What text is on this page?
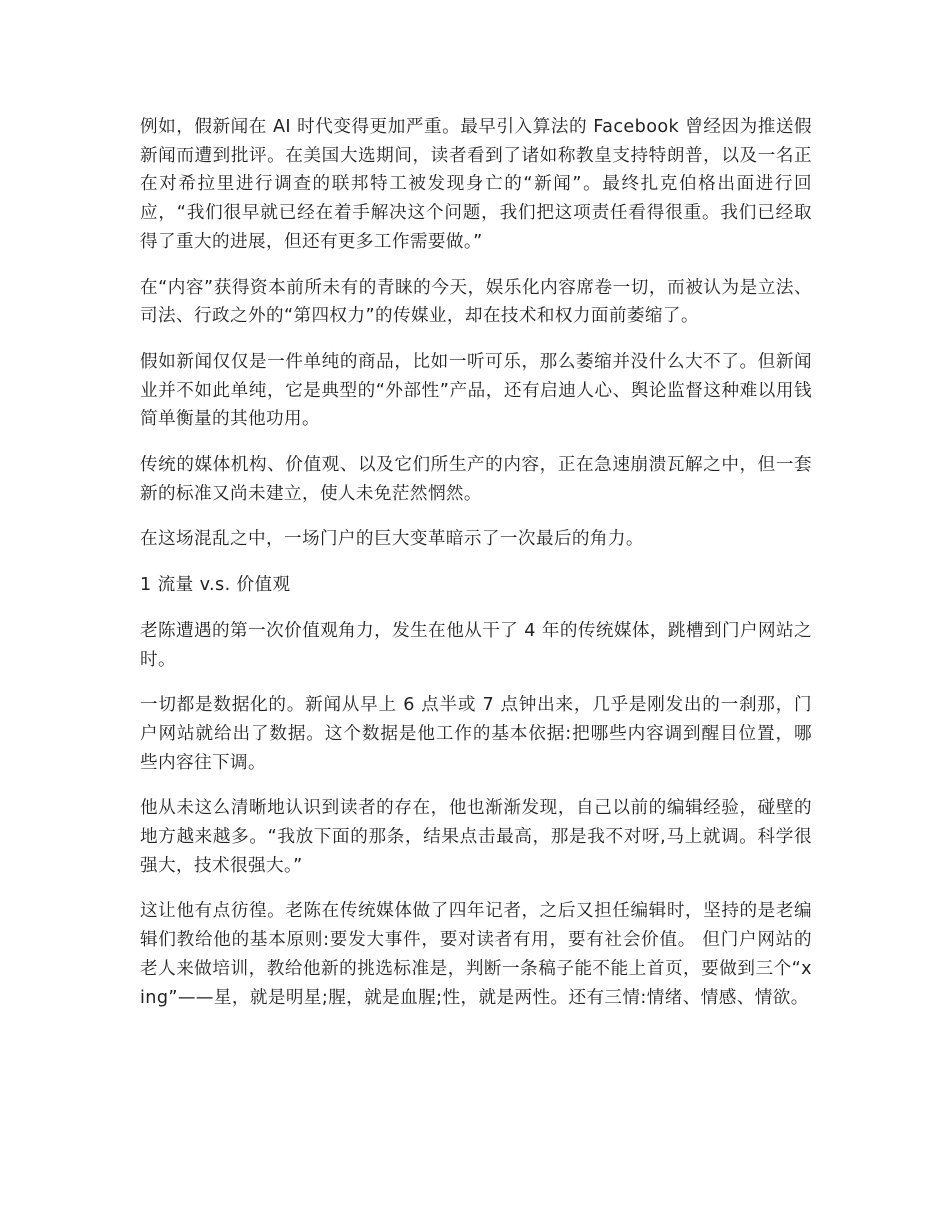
例如，假新闻在 AI 时代变得更加严重。最早引入算法的 Facebook 曾经因为推送假新闻而遭到批评。在美国大选期间，读者看到了诸如称教皇支持特朗普，以及一名正在对希拉里进行调查的联邦特工被发现身亡的“新闻”。最终扎克伯格出面进行回应，“我们很早就已经在着手解决这个问题，我们把这项责任看得很重。我们已经取得了重大的进展，但还有更多工作需要做。”

在“内容”获得资本前所未有的青睐的今天，娱乐化内容席卷一切，而被认为是立法、司法、行政之外的“第四权力”的传媒业，却在技术和权力面前萎缩了。

假如新闻仅仅是一件单纯的商品，比如一听可乐，那么萎缩并没什么大不了。但新闻业并不如此单纯，它是典型的“外部性”产品，还有启迪人心、舆论监督这种难以用钱简单衡量的其他功用。

传统的媒体机构、价值观、以及它们所生产的内容，正在急速崩溃瓦解之中，但一套新的标准又尚未建立，使人未免茫然惘然。

在这场混乱之中，一场门户的巨大变革暗示了一次最后的角力。

1 流量 v.s. 价值观

老陈遭遇的第一次价值观角力，发生在他从干了 4 年的传统媒体，跳槽到门户网站之时。

一切都是数据化的。新闻从早上 6 点半或 7 点钟出来，几乎是刚发出的一刹那，门户网站就给出了数据。这个数据是他工作的基本依据:把哪些内容调到醒目位置，哪些内容往下调。

他从未这么清晰地认识到读者的存在，他也渐渐发现，自己以前的编辑经验，碰壁的地方越来越多。“我放下面的那条，结果点击最高，那是我不对呀,马上就调。科学很强大，技术很强大。”

这让他有点彷徨。老陈在传统媒体做了四年记者，之后又担任编辑时，坚持的是老编辑们教给他的基本原则:要发大事件，要对读者有用，要有社会价值。 但门户网站的老人来做培训，教给他新的挑选标准是，判断一条稿子能不能上首页，要做到三个“xing”——星，就是明星;腥，就是血腥;性，就是两性。还有三情:情绪、情感、情欲。
